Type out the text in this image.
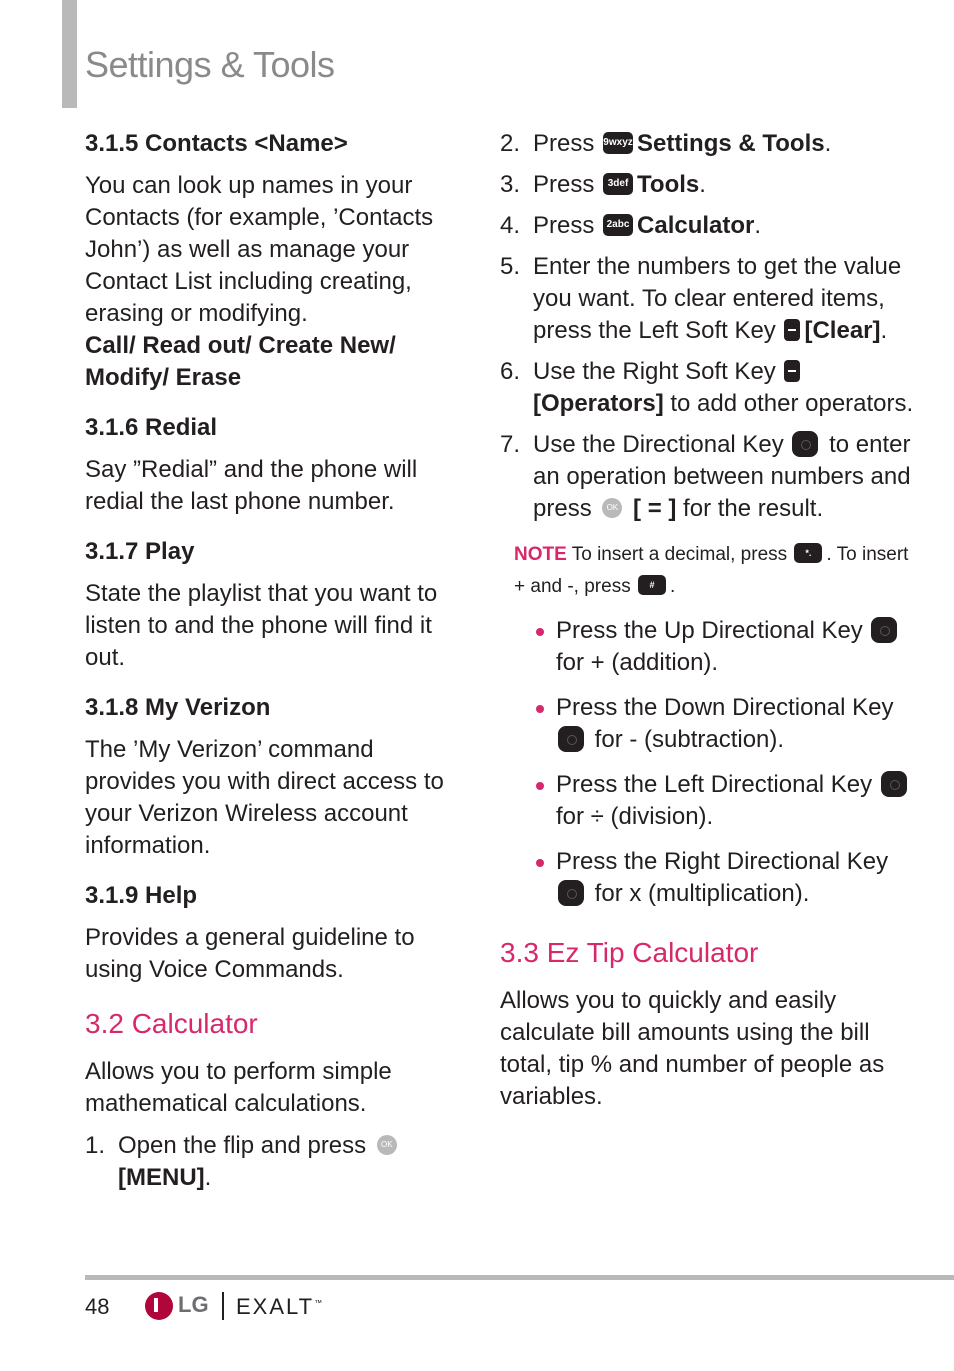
Settings & Tools
3.1.5 Contacts <Name>

You can look up names in your Contacts (for example, ’Contacts John’) as well as manage your Contact List including creating, erasing or modifying.

Call/ Read out/ Create New/ Modify/ Erase

3.1.6 Redial

Say ”Redial” and the phone will redial the last phone number.

3.1.7 Play

State the playlist that you want to listen to and the phone will find it out.

3.1.8 My Verizon

The ’My Verizon’ command provides you with direct access to your Verizon Wireless account information.

3.1.9 Help

Provides a general guideline to using Voice Commands.

3.2 Calculator

Allows you to perform simple mathematical calculations.

1. Open the flip and press OK [MENU].
2. Press 9wxyz Settings & Tools.
3. Press 3def Tools.
4. Press 2abc Calculator.
5. Enter the numbers to get the value you want. To clear entered items, press the Left Soft Key [Clear].
6. Use the Right Soft Key  [Operators] to add other operators.
7. Use the Directional Key to enter an operation between numbers and press OK [ = ] for the result.
NOTE To insert a decimal, press *. . To insert + and -, press # .
Press the Up Directional Key  for + (addition).
Press the Down Directional Key  for - (subtraction).
Press the Left Directional Key  for ÷ (division).
Press the Right Directional Key  for x (multiplication).
3.3 Ez Tip Calculator

Allows you to quickly and easily calculate bill amounts using the bill total, tip % and number of people as variables.

48	LG EXALT™
